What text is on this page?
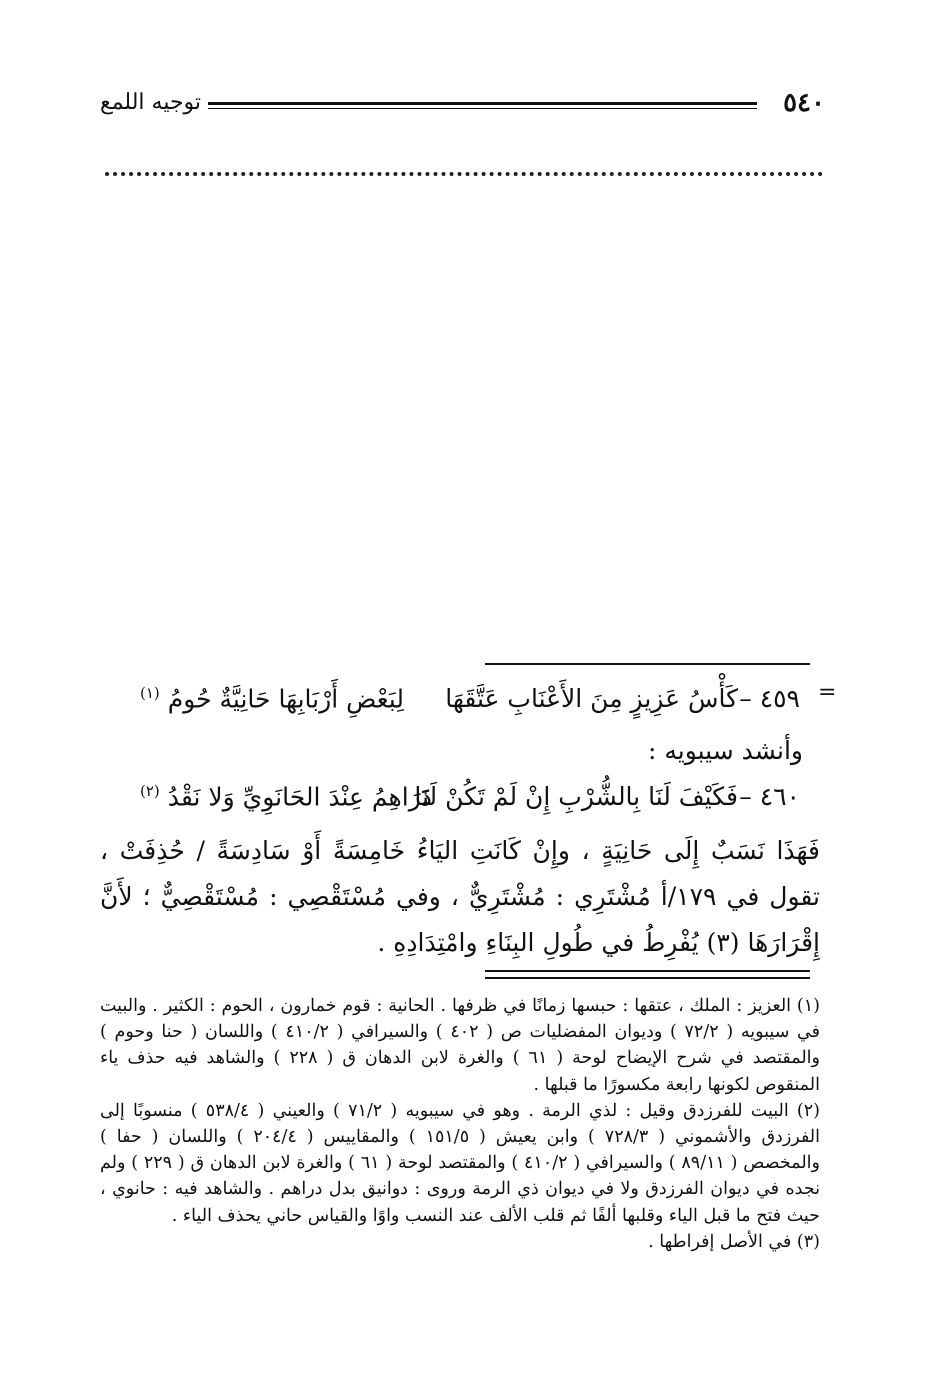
٥٤٠
توجيه اللمع
=
٤٥٩ –
كَأْسُ عَزِيزٍ مِنَ الأَعْنَابِ عَتَّقَهَا
لِبَعْضِ أَرْبَابِهَا حَانِيَّةٌ حُومُ $^{(١)}$
وأنشد سيبويه :
٤٦٠ –
فَكَيْفَ لَنَا بِالشُّرْبِ إِنْ لَمْ تَكُنْ لَنَا
دَرَاهِمُ عِنْدَ الحَانَوِيِّ وَلا نَقْدُ $^{(٢)}$

فَهَذَا نَسَبٌ إِلَى حَانِيَةٍ ، وإِنْ كَانَتِ اليَاءُ خَامِسَةً أَوْ سَادِسَةً / حُذِفَتْ ، تقول في ١٧٩/أ مُشْتَرِي : مُشْتَرِيٌّ ، وفي مُسْتَقْصِي : مُسْتَقْصِيٌّ ؛ لأَنَّ إِقْرَارَهَا (٣) يُفْرِطُ في طُولِ البِنَاءِ وامْتِدَادِهِ .

(١) العزيز : الملك ، عتقها : حبسها زمانًا في ظرفها . الحانية : قوم خمارون ، الحوم : الكثير . والبيت في سيبويه ( ٧٢/٢ ) وديوان المفضليات ص ( ٤٠٢ ) والسيرافي ( ٤١٠/٢ ) واللسان ( حنا وحوم ) والمقتصد في شرح الإيضاح لوحة ( ٦١ ) والغرة لابن الدهان ق ( ٢٢٨ ) والشاهد فيه حذف ياء المنقوص لكونها رابعة مكسورًا ما قبلها .

(٢) البيت للفرزدق وقيل : لذي الرمة . وهو في سيبويه ( ٧١/٢ ) والعيني ( ٥٣٨/٤ ) منسوبًا إلى الفرزدق والأشموني ( ٧٢٨/٣ ) وابن يعيش ( ١٥١/٥ ) والمقاييس ( ٢٠٤/٤ ) واللسان ( حفا ) والمخصص ( ٨٩/١١ ) والسيرافي ( ٤١٠/٢ ) والمقتصد لوحة ( ٦١ ) والغرة لابن الدهان ق ( ٢٢٩ ) ولم نجده في ديوان الفرزدق ولا في ديوان ذي الرمة وروى : دوانيق بدل دراهم . والشاهد فيه : حانوي ، حيث فتح ما قبل الياء وقلبها ألفًا ثم قلب الألف عند النسب واوًا والقياس حاني يحذف الياء .

(٣) في الأصل إفراطها .
